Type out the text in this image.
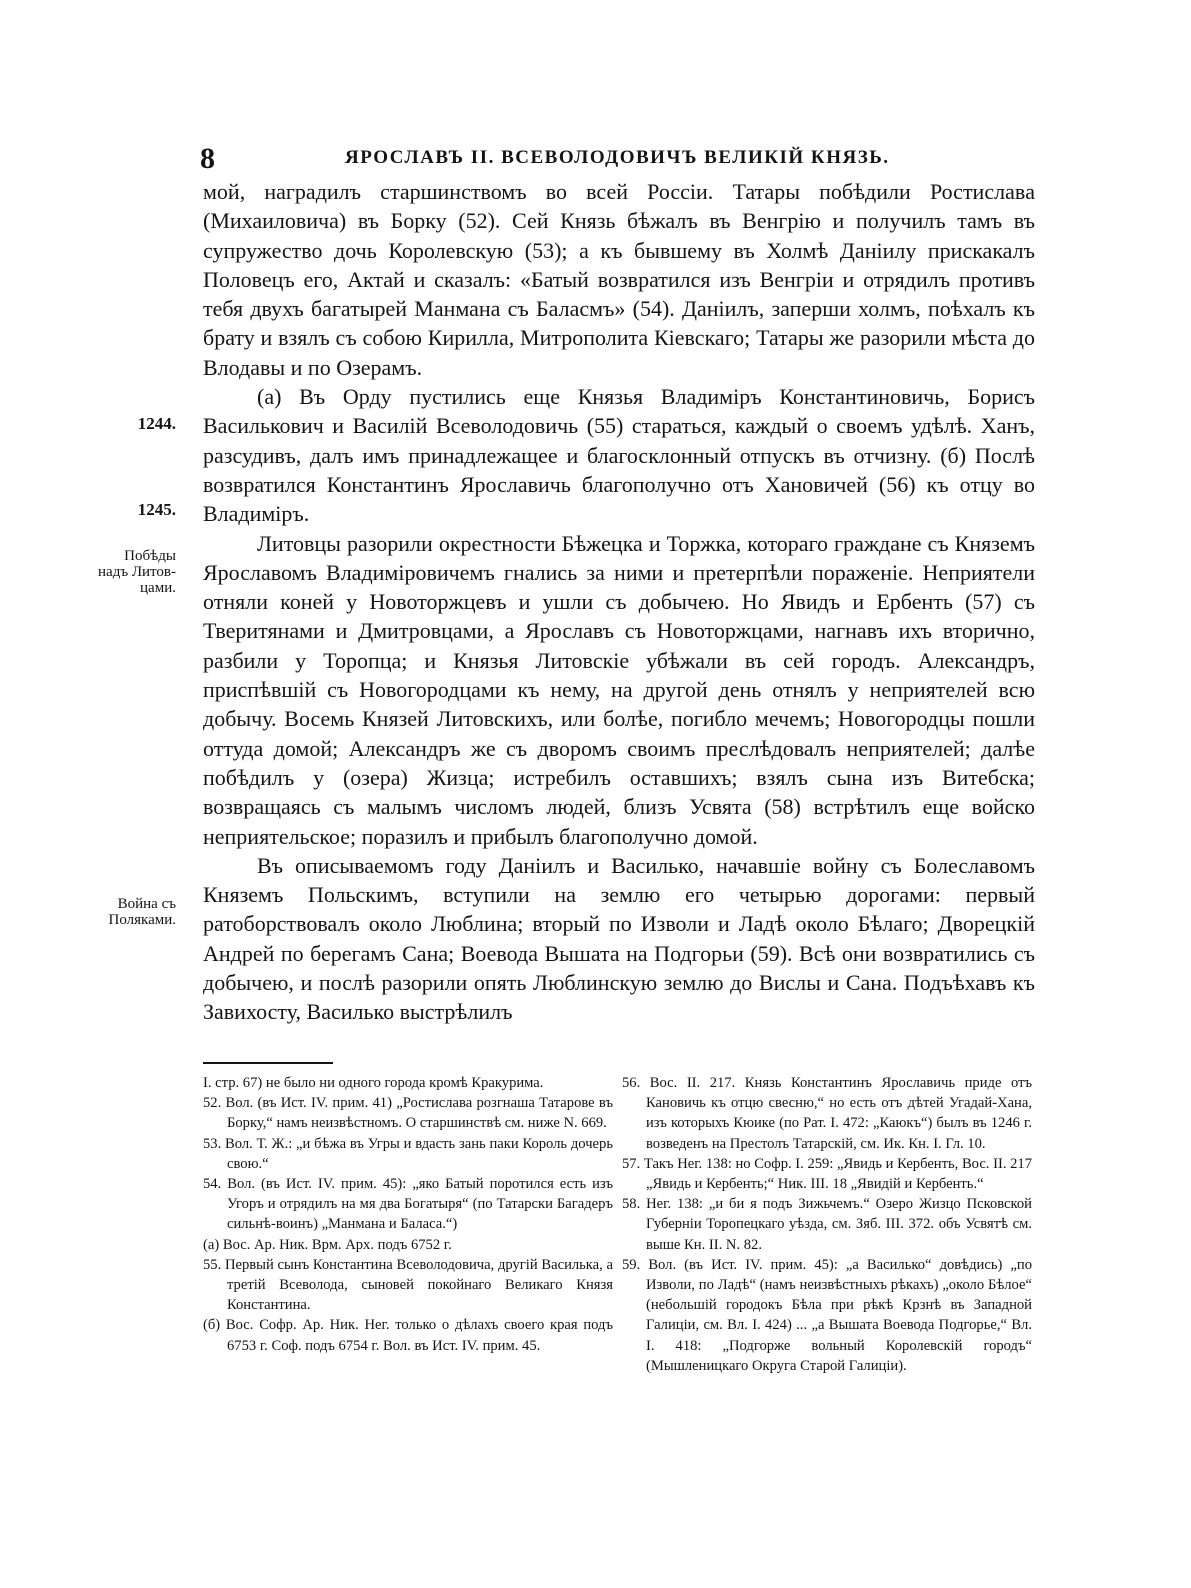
8	ЯРОСЛАВЪ II. ВСЕВОЛОДОВИЧЪ ВЕЛИКІЙ КНЯЗЬ.
1244.
1245.
Побѣды
надъ Литов-
цами.
Война съ
Поляками.

мой, наградилъ старшинствомъ во всей Россіи. Татары побѣдили Ростиславa (Михаиловича) въ Борку (52). Сей Князь бѣжалъ въ Венгрію и получилъ тамъ въ супружество дочь Королевскую (53); а къ бывшему въ Холмѣ Даніилу прискакалъ Половецъ его, Актай и сказалъ: «Батый возвратился изъ Венгріи и отрядилъ противъ тебя двухъ багатырей Манмана съ Баласмъ» (54). Даніилъ, заперши холмъ, поѣхалъ къ брату и взялъ съ собою Кирилла, Митрополита Кіевскаго; Татары же разорили мѣста до Влодавы и по Озерамъ.

(а) Въ Орду пустились еще Князья Владиміръ Константиновичь, Борисъ Василькович и Василій Всеволодовичь (55) стараться, каждый о своемъ удѣлѣ. Ханъ, разсудивъ, далъ имъ принадлежащее и благосклонный отпускъ въ отчизну. (б) Послѣ возвратился Константинъ Ярославичь благополучно отъ Хановичей (56) къ отцу во Владиміръ.

Литовцы разорили окрестности Бѣжецка и Торжка, котораго граждане съ Княземъ Ярославомъ Владиміровичемъ гнались за ними и претерпѣли пораженіе. Неприятели отняли коней у Новоторжцевъ и ушли съ добычею. Но Явидъ и Ербенть (57) съ Тверитянами и Дмитровцами, а Ярославъ съ Новоторжцами, нагнавъ ихъ вторично, разбили у Торопца; и Князья Литовскіе убѣжали въ сей городъ. Александръ, приспѣвшій съ Новогородцами къ нему, на другой день отнялъ у неприятелей всю добычу. Восемь Князей Литовскихъ, или болѣе, погибло мечемъ; Новогородцы пошли оттуда домой; Александръ же съ дворомъ своимъ преслѣдовалъ неприятелей; далѣе побѣдилъ у (озера) Жизца; истребилъ оставшихъ; взялъ сына изъ Витебска; возвращаясь съ малымъ числомъ людей, близъ Усвята (58) встрѣтилъ еще войско неприятельское; поразилъ и прибылъ благополучно домой.

Въ описываемомъ году Даніилъ и Василько, начавшіе войну съ Болеславомъ Княземъ Польскимъ, вступили на землю его четырью дорогами: первый ратоборствовалъ около Люблина; вторый по Изволи и Ладѣ около Бѣлаго; Дворецкій Андрей по берегамъ Сана; Воевода Вышата на Подгорьи (59). Всѣ они возвратились съ добычею, и послѣ разорили опять Люблинскую землю до Вислы и Сана. Подъѣхавъ къ Завихосту, Василько выстрѣлилъ

I. стр. 67) не было ни одного города кромѣ Кракурима.

52. Вол. (въ Ист. IV. прим. 41) „Ростислава розгнаша Татарове въ Борку,“ намъ неизвѣстномъ. О старшинствѣ см. ниже N. 669.

53. Вол. Т. Ж.: „и бѣжа въ Угры и вдасть зань паки Король дочерь свою.“

54. Вол. (въ Ист. IV. прим. 45): „яко Батый поротился есть изъ Угоръ и отрядилъ на мя два Богатыря“ (по Татарски Багадеръ сильнѣ-воинъ) „Манмана и Баласа.“)

(а) Вос. Ар. Ник. Врм. Арх. подъ 6752 г.

55. Первый сынъ Константина Всеволодовича, другій Василька, а третій Всеволода, сыновей покойнаго Великаго Князя Константина.

(б) Вос. Софр. Ар. Ник. Нег. только о дѣлахъ своего края подъ 6753 г. Соф. подъ 6754 г. Вол. въ Ист. IV. прим. 45.

56. Вос. II. 217. Князь Константинъ Ярославичь приде отъ Кановичь къ отцю свесню,“ но есть отъ дѣтей Угадай-Хана, изъ которыхъ Кюике (по Рат. I. 472: „Каюкъ“) былъ въ 1246 г. возведенъ на Престолъ Татарскій, см. Ик. Кн. I. Гл. 10.

57. Такъ Нег. 138: но Софр. I. 259: „Явидь и Кербенть, Вос. II. 217 „Явидь и Кербенть;“ Ник. III. 18 „Явидій и Кербенть.“

58. Нег. 138: „и би я подъ Зижьчемъ.“ Озеро Жизцо Псковской Губерніи Торопецкаго уѣзда, см. Зяб. III. 372. объ Усвятѣ см. выше Кн. II. N. 82.

59. Вол. (въ Ист. IV. прим. 45): „а Василько“ довѣдись) „по Изволи, по Ладѣ“ (намъ неизвѣстныхъ рѣкахъ) „около Бѣлое“ (небольшій городокъ Бѣла при рѣкѣ Крзнѣ въ Западной Галиціи, см. Вл. I. 424) ... „а Вышата Воевода Подгорье,“ Вл. I. 418: „Подгорже вольный Королевскій городъ“ (Мышленицкаго Округа Старой Галиціи).
